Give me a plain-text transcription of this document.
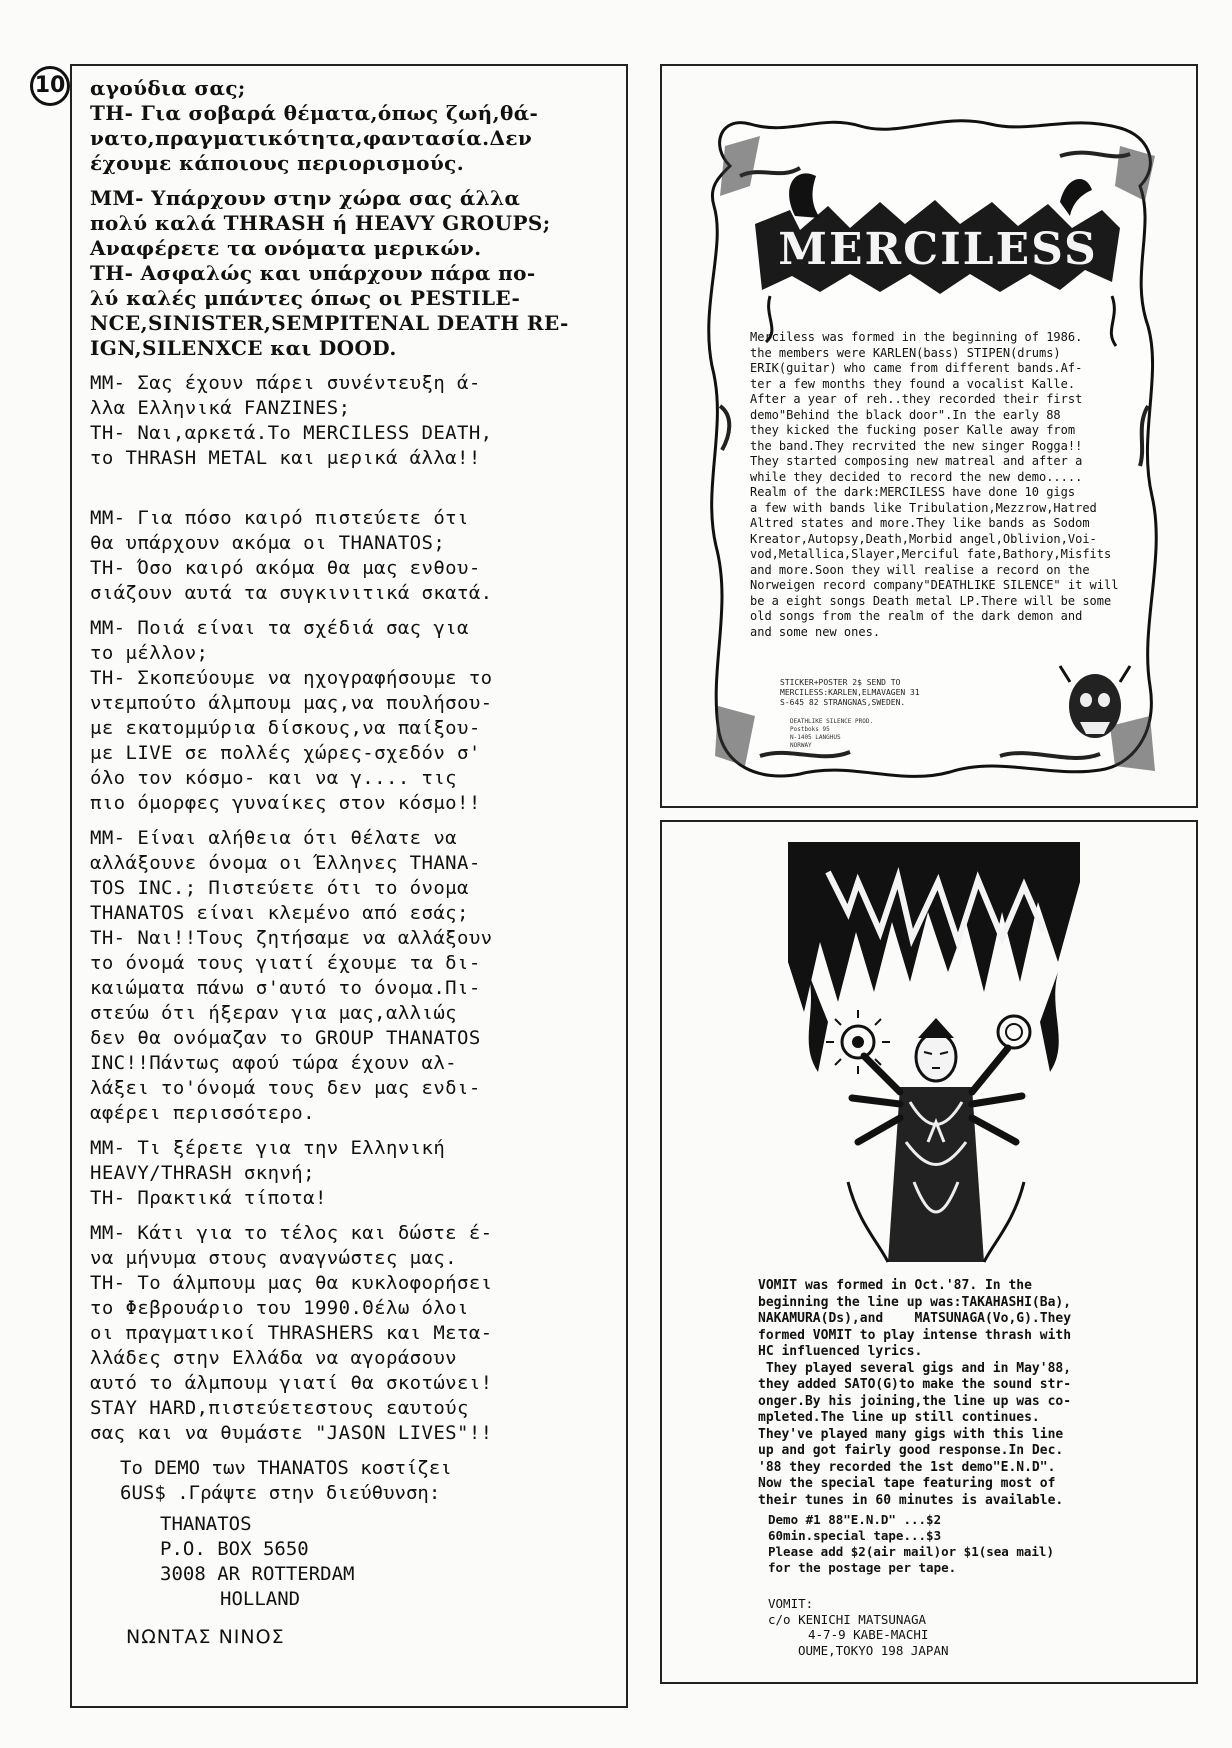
10 αγούδια σας;
TH- Για σοβαρά θέματα,όπως ζωή,θά-
νατο,πραγματικότητα,φαντασία.Δεν
έχουμε κάποιους περιορισμούς.
MM- Υπάρχουν στην χώρα σας άλλα
πολύ καλά THRASH ή HEAVY GROUPS;
Αναφέρετε τα ονόματα μερικών.
TH- Ασφαλώς και υπάρχουν πάρα πο-
λύ καλές μπάντες όπως οι PESTILE-
NCE,SINISTER,SEMPITENAL DEATH RE-
IGN,SILENXCE και DOOD.
MM- Σας έχουν πάρει συνέντευξη ά-
λλα Ελληνικά FANZINES;
TH- Ναι,αρκετά.Το MERCILESS DEATH,
το THRASH METAL και μερικά άλλα!!

MM- Για πόσο καιρό πιστεύετε ότι
θα υπάρχουν ακόμα οι THANATOS;
TH- Όσο καιρό ακόμα θα μας ενθου-
σιάζουν αυτά τα συγκινιτικά σκατά.
MM- Ποιά είναι τα σχέδιά σας για
το μέλλον;
TH- Σκοπεύουμε να ηχογραφήσουμε το
ντεμπούτο άλμπουμ μας,να πουλήσου-
με εκατομμύρια δίσκους,να παίξου-
με LIVE σε πολλές χώρες-σχεδόν σ'
όλο τον κόσμο- και να γ.... τις
πιο όμορφες γυναίκες στον κόσμο!!
MM- Είναι αλήθεια ότι θέλατε να
αλλάξουνε όνομα οι Έλληνες THANA-
TOS INC.; Πιστεύετε ότι το όνομα
THANATOS είναι κλεμένο από εσάς;
TH- Ναι!!Τους ζητήσαμε να αλλάξουν
το όνομά τους γιατί έχουμε τα δι-
καιώματα πάνω σ'αυτό το όνομα.Πι-
στεύω ότι ήξεραν για μας,αλλιώς
δεν θα ονόμαζαν το GROUP THANATOS
INC!!Πάντως αφού τώρα έχουν αλ-
λάξει το'όνομά τους δεν μας ενδι-
αφέρει περισσότερο.
MM- Τι ξέρετε για την Ελληνική
HEAVY/THRASH σκηνή;
TH- Πρακτικά τίποτα!
MM- Κάτι για το τέλος και δώστε έ-
να μήνυμα στους αναγνώστες μας.
TH- Το άλμπουμ μας θα κυκλοφορήσει
το Φεβρουάριο του 1990.Θέλω όλοι
οι πραγματικοί THRASHERS και Μετα-
λλάδες στην Ελλάδα να αγοράσουν
αυτό το άλμπουμ γιατί θα σκοτώνει!
STAY HARD,πιστεύετεστους εαυτούς
σας και να θυμάστε "JASON LIVES"!!
Το DEMO των THANATOS κοστίζει
6US$ .Γράψτε στην διεύθυνση:
THANATOS
P.O. BOX 5650
3008 AR ROTTERDAM
HOLLAND
ΝΩΝΤΑΣ ΝΙΝΟΣ
MERCILESS
Merciless was formed in the beginning of 1986.
the members were KARLEN(bass) STIPEN(drums)
ERIK(guitar) who came from different bands.Af-
ter a few months they found a vocalist Kalle.
After a year of reh..they recorded their first
demo"Behind the black door".In the early 88
they kicked the fucking poser Kalle away from
the band.They recrvited the new singer Rogga!!
They started composing new matreal and after a
while they decided to record the new demo.....
Realm of the dark:MERCILESS have done 10 gigs
a few with bands like Tribulation,Mezzrow,Hatred
Altred states and more.They like bands as Sodom
Kreator,Autopsy,Death,Morbid angel,Oblivion,Voi-
vod,Metallica,Slayer,Merciful fate,Bathory,Misfits
and more.Soon they will realise a record on the
Norweigen record company"DEATHLIKE SILENCE" it will
be a eight songs Death metal LP.There will be some
old songs from the realm of the dark demon and
and some new ones.
STICKER+POSTER 2$ SEND TO
MERCILESS:KARLEN,ELMAVAGEN 31
S-645 82 STRANGNAS,SWEDEN.
DEATHLIKE SILENCE PROD.
Postboks 95
N-1405 LANGHUS
NORWAY
VOMIT was formed in Oct.'87. In the
beginning the line up was:TAKAHASHI(Ba),
NAKAMURA(Ds),and    MATSUNAGA(Vo,G).They
formed VOMIT to play intense thrash with
HC influenced lyrics.
They played several gigs and in May'88,
they added SATO(G)to make the sound str-
onger.By his joining,the line up was co-
mpleted.The line up still continues.
They've played many gigs with this line
up and got fairly good response.In Dec.
'88 they recorded the 1st demo"E.N.D".
Now the special tape featuring most of
their tunes in 60 minutes is available.
Demo #1 88"E.N.D" ...$2
60min.special tape...$3
Please add $2(air mail)or $1(sea mail)
for the postage per tape.
VOMIT:
c/o KENICHI MATSUNAGA
4-7-9 KABE-MACHI
OUME,TOKYO 198 JAPAN
